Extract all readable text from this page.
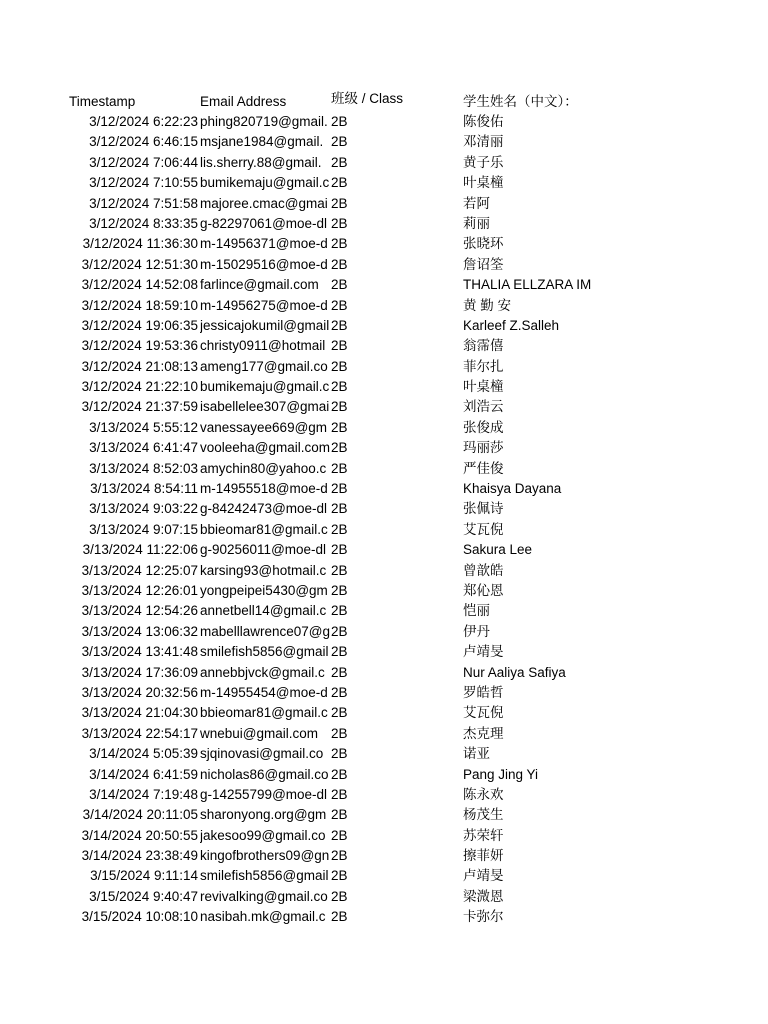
Timestamp	Email Address	班级 / Class	学生姓名（中文）：
3/12/2024 6:22:23 phing820719@gmail. 2B	陈俊佑
3/12/2024 6:46:15 msjane1984@gmail. 2B	邓清丽
3/12/2024 7:06:44 lis.sherry.88@gmail. 2B	黄子乐
3/12/2024 7:10:55 bumikemaju@gmail.c 2B	叶桌橦
3/12/2024 7:51:58 majoree.cmac@gmai 2B	若阿
3/12/2024 8:33:35 g-82297061@moe-dl 2B	莉丽
3/12/2024 11:36:30 m-14956371@moe-d 2B	张晓环
3/12/2024 12:51:30 m-15029516@moe-d 2B	詹诏筌
3/12/2024 14:52:08 farlince@gmail.com 2B	THALIA ELLZARA IM
3/12/2024 18:59:10 m-14956275@moe-d 2B	黄 勤 安
3/12/2024 19:06:35 jessicajokumil@gmail 2B	Karleef Z.Salleh
3/12/2024 19:53:36 christy0911@hotmail 2B	翁霈僖
3/12/2024 21:08:13 ameng177@gmail.co 2B	菲尔扎
3/12/2024 21:22:10 bumikemaju@gmail.c 2B	叶桌橦
3/12/2024 21:37:59 isabellelee307@gmai 2B	刘浩云
3/13/2024 5:55:12 vanessayee669@gm 2B	张俊成
3/13/2024 6:41:47 vooleeha@gmail.com 2B	玛丽莎
3/13/2024 8:52:03 amychin80@yahoo.c 2B	严佳俊
3/13/2024 8:54:11 m-14955518@moe-d 2B	Khaisya Dayana
3/13/2024 9:03:22 g-84242473@moe-dl 2B	张佩诗
3/13/2024 9:07:15 bbieomar81@gmail.c 2B	艾瓦倪
3/13/2024 11:22:06 g-90256011@moe-dl 2B	Sakura Lee
3/13/2024 12:25:07 karsing93@hotmail.c 2B	曾歆皓
3/13/2024 12:26:01 yongpeipei5430@gm 2B	郑伈恩
3/13/2024 12:54:26 annetbell14@gmail.c 2B	恺丽
3/13/2024 13:06:32 mabelllawrence07@g 2B	伊丹
3/13/2024 13:41:48 smilefish5856@gmail 2B	卢靖旻
3/13/2024 17:36:09 annebbjvck@gmail.c 2B	Nur Aaliya Safiya
3/13/2024 20:32:56 m-14955454@moe-d 2B	罗皓哲
3/13/2024 21:04:30 bbieomar81@gmail.c 2B	艾瓦倪
3/13/2024 22:54:17 wnebui@gmail.com 2B	杰克理
3/14/2024 5:05:39 sjqinovasi@gmail.co 2B	诺亚
3/14/2024 6:41:59 nicholas86@gmail.co 2B	Pang Jing Yi
3/14/2024 7:19:48 g-14255799@moe-dl 2B	陈永欢
3/14/2024 20:11:05 sharonyong.org@gm 2B	杨茂生
3/14/2024 20:50:55 jakesoo99@gmail.co 2B	苏荣轩
3/14/2024 23:38:49 kingofbrothers09@gn 2B	擦菲妍
3/15/2024 9:11:14 smilefish5856@gmail 2B	卢靖旻
3/15/2024 9:40:47 revivalking@gmail.co 2B	梁溦恩
3/15/2024 10:08:10 nasibah.mk@gmail.c 2B	卡弥尔
